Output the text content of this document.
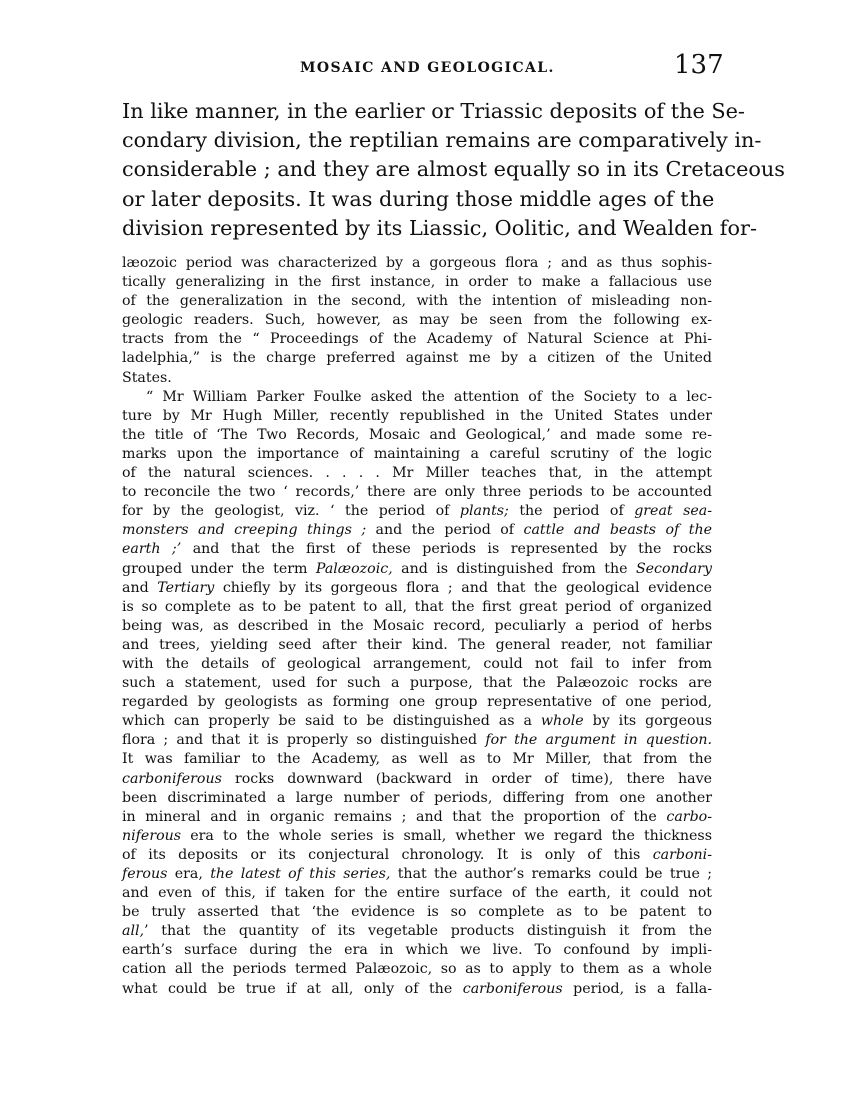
MOSAIC AND GEOLOGICAL.	137
In like manner, in the earlier or Triassic deposits of the Se-
condary division, the reptilian remains are comparatively in-
considerable ; and they are almost equally so in its Cretaceous
or later deposits. It was during those middle ages of the
division represented by its Liassic, Oolitic, and Wealden for-
læozoic period was characterized by a gorgeous flora ; and as thus sophis-
tically generalizing in the first instance, in order to make a fallacious use
of the generalization in the second, with the intention of misleading non-
geologic readers. Such, however, as may be seen from the following ex-
tracts from the “ Proceedings of the Academy of Natural Science at Phi-
ladelphia,” is the charge preferred against me by a citizen of the United
States.
“ Mr William Parker Foulke asked the attention of the Society to a lec-
ture by Mr Hugh Miller, recently republished in the United States under
the title of ‘The Two Records, Mosaic and Geological,’ and made some re-
marks upon the importance of maintaining a careful scrutiny of the logic
of the natural sciences. . . . . Mr Miller teaches that, in the attempt
to reconcile the two ‘ records,’ there are only three periods to be accounted
for by the geologist, viz. ‘ the period of plants; the period of great sea-
monsters and creeping things ; and the period of cattle and beasts of the
earth ;’ and that the first of these periods is represented by the rocks
grouped under the term Palæozoic, and is distinguished from the Secondary
and Tertiary chiefly by its gorgeous flora ; and that the geological evidence
is so complete as to be patent to all, that the first great period of organized
being was, as described in the Mosaic record, peculiarly a period of herbs
and trees, yielding seed after their kind. The general reader, not familiar
with the details of geological arrangement, could not fail to infer from
such a statement, used for such a purpose, that the Palæozoic rocks are
regarded by geologists as forming one group representative of one period,
which can properly be said to be distinguished as a whole by its gorgeous
flora ; and that it is properly so distinguished for the argument in question.
It was familiar to the Academy, as well as to Mr Miller, that from the
carboniferous rocks downward (backward in order of time), there have
been discriminated a large number of periods, differing from one another
in mineral and in organic remains ; and that the proportion of the carbo-
niferous era to the whole series is small, whether we regard the thickness
of its deposits or its conjectural chronology. It is only of this carboni-
ferous era, the latest of this series, that the author’s remarks could be true ;
and even of this, if taken for the entire surface of the earth, it could not
be truly asserted that ‘the evidence is so complete as to be patent to
all,’ that the quantity of its vegetable products distinguish it from the
earth’s surface during the era in which we live. To confound by impli-
cation all the periods termed Palæozoic, so as to apply to them as a whole
what could be true if at all, only of the carboniferous period, is a falla-
